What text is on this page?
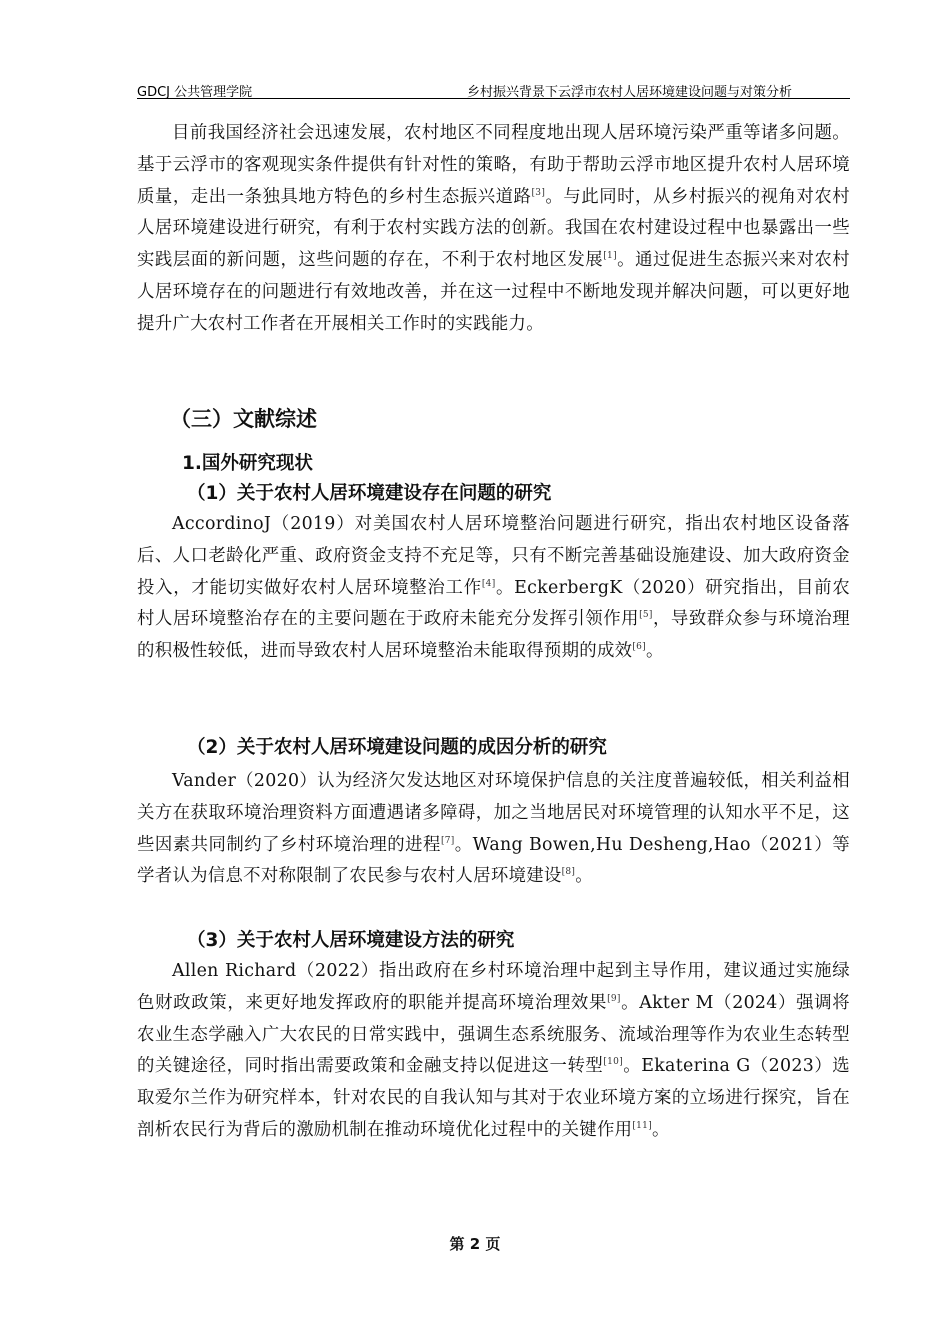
GDCJ 公共管理学院	乡村振兴背景下云浮市农村人居环境建设问题与对策分析

目前我国经济社会迅速发展，农村地区不同程度地出现人居环境污染严重等诸多问题。基于云浮市的客观现实条件提供有针对性的策略，有助于帮助云浮市地区提升农村人居环境质量，走出一条独具地方特色的乡村生态振兴道路[3]。与此同时，从乡村振兴的视角对农村人居环境建设进行研究，有利于农村实践方法的创新。我国在农村建设过程中也暴露出一些实践层面的新问题，这些问题的存在，不利于农村地区发展[1]。通过促进生态振兴来对农村人居环境存在的问题进行有效地改善，并在这一过程中不断地发现并解决问题，可以更好地提升广大农村工作者在开展相关工作时的实践能力。

（三）文献综述
1.国外研究现状
（1）关于农村人居环境建设存在问题的研究

AccordinoJ（2019）对美国农村人居环境整治问题进行研究，指出农村地区设备落后、人口老龄化严重、政府资金支持不充足等，只有不断完善基础设施建设、加大政府资金投入，才能切实做好农村人居环境整治工作[4]。EckerbergK（2020）研究指出，目前农村人居环境整治存在的主要问题在于政府未能充分发挥引领作用[5]，导致群众参与环境治理的积极性较低，进而导致农村人居环境整治未能取得预期的成效[6]。

（2）关于农村人居环境建设问题的成因分析的研究

Vander（2020）认为经济欠发达地区对环境保护信息的关注度普遍较低，相关利益相关方在获取环境治理资料方面遭遇诸多障碍，加之当地居民对环境管理的认知水平不足，这些因素共同制约了乡村环境治理的进程[7]。Wang Bowen,Hu Desheng,Hao（2021）等学者认为信息不对称限制了农民参与农村人居环境建设[8]。

（3）关于农村人居环境建设方法的研究

Allen Richard（2022）指出政府在乡村环境治理中起到主导作用，建议通过实施绿色财政政策，来更好地发挥政府的职能并提高环境治理效果[9]。Akter M（2024）强调将农业生态学融入广大农民的日常实践中，强调生态系统服务、流域治理等作为农业生态转型的关键途径，同时指出需要政策和金融支持以促进这一转型[10]。Ekaterina G（2023）选取爱尔兰作为研究样本，针对农民的自我认知与其对于农业环境方案的立场进行探究，旨在剖析农民行为背后的激励机制在推动环境优化过程中的关键作用[11]。

第 2 页
